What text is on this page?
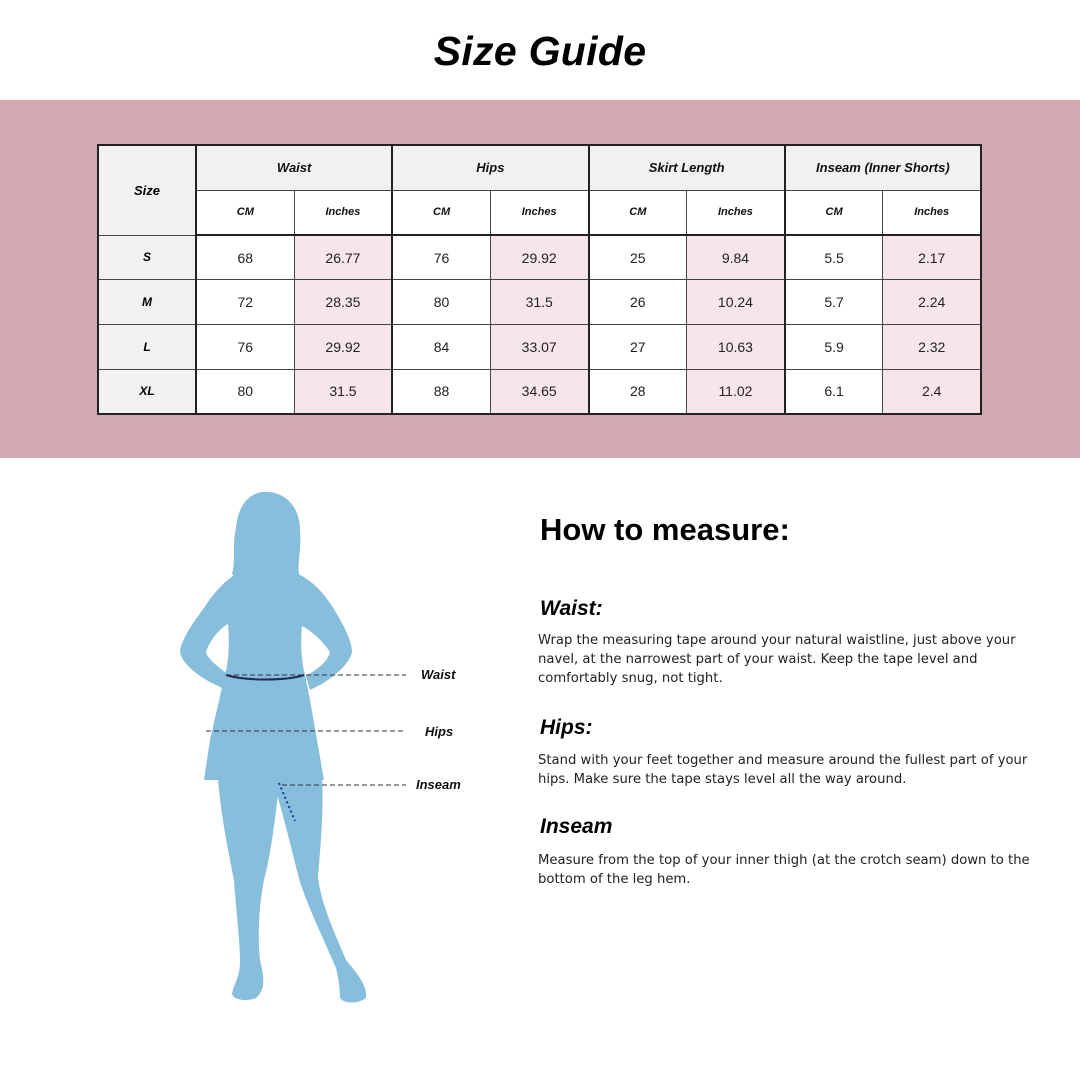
Size Guide
Size	Waist		Hips		Skirt Length		Inseam (Inner Shorts)	
	CM	Inches	CM	Inches	CM	Inches	CM	Inches
S	68	26.77	76	29.92	25	9.84	5.5	2.17
M	72	28.35	80	31.5	26	10.24	5.7	2.24
L	76	29.92	84	33.07	27	10.63	5.9	2.32
XL	80	31.5	88	34.65	28	11.02	6.1	2.4
Waist
Hips
Inseam
How to measure:
Waist:
Wrap the measuring tape around your natural waistline, just above your navel, at the narrowest part of your waist. Keep the tape level and comfortably snug, not tight.
Hips:
Stand with your feet together and measure around the fullest part of your hips. Make sure the tape stays level all the way around.
Inseam
Measure from the top of your inner thigh (at the crotch seam) down to the bottom of the leg hem.
